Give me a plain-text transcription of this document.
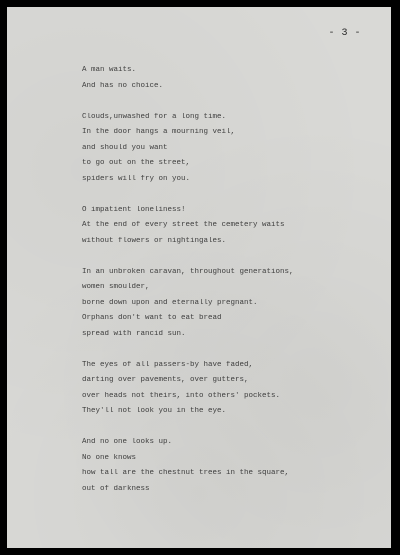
- 3 -
A man waits.
And has no choice.
Clouds,unwashed for a long time.
In the door hangs a mourning veil,
and should you want
to go out on the street,
spiders will fry on you.
O impatient loneliness!
At the end of every street the cemetery waits
without flowers or nightingales.
In an unbroken caravan, throughout generations,
women smoulder,
borne down upon and eternally pregnant.
Orphans don't want to eat bread
spread with rancid sun.
The eyes of all passers-by have faded,
darting over pavements, over gutters,
over heads not theirs, into others' pockets.
They'll not look you in the eye.
And no one looks up.
No one knows
how tall are the chestnut trees in the square,
out of darkness
